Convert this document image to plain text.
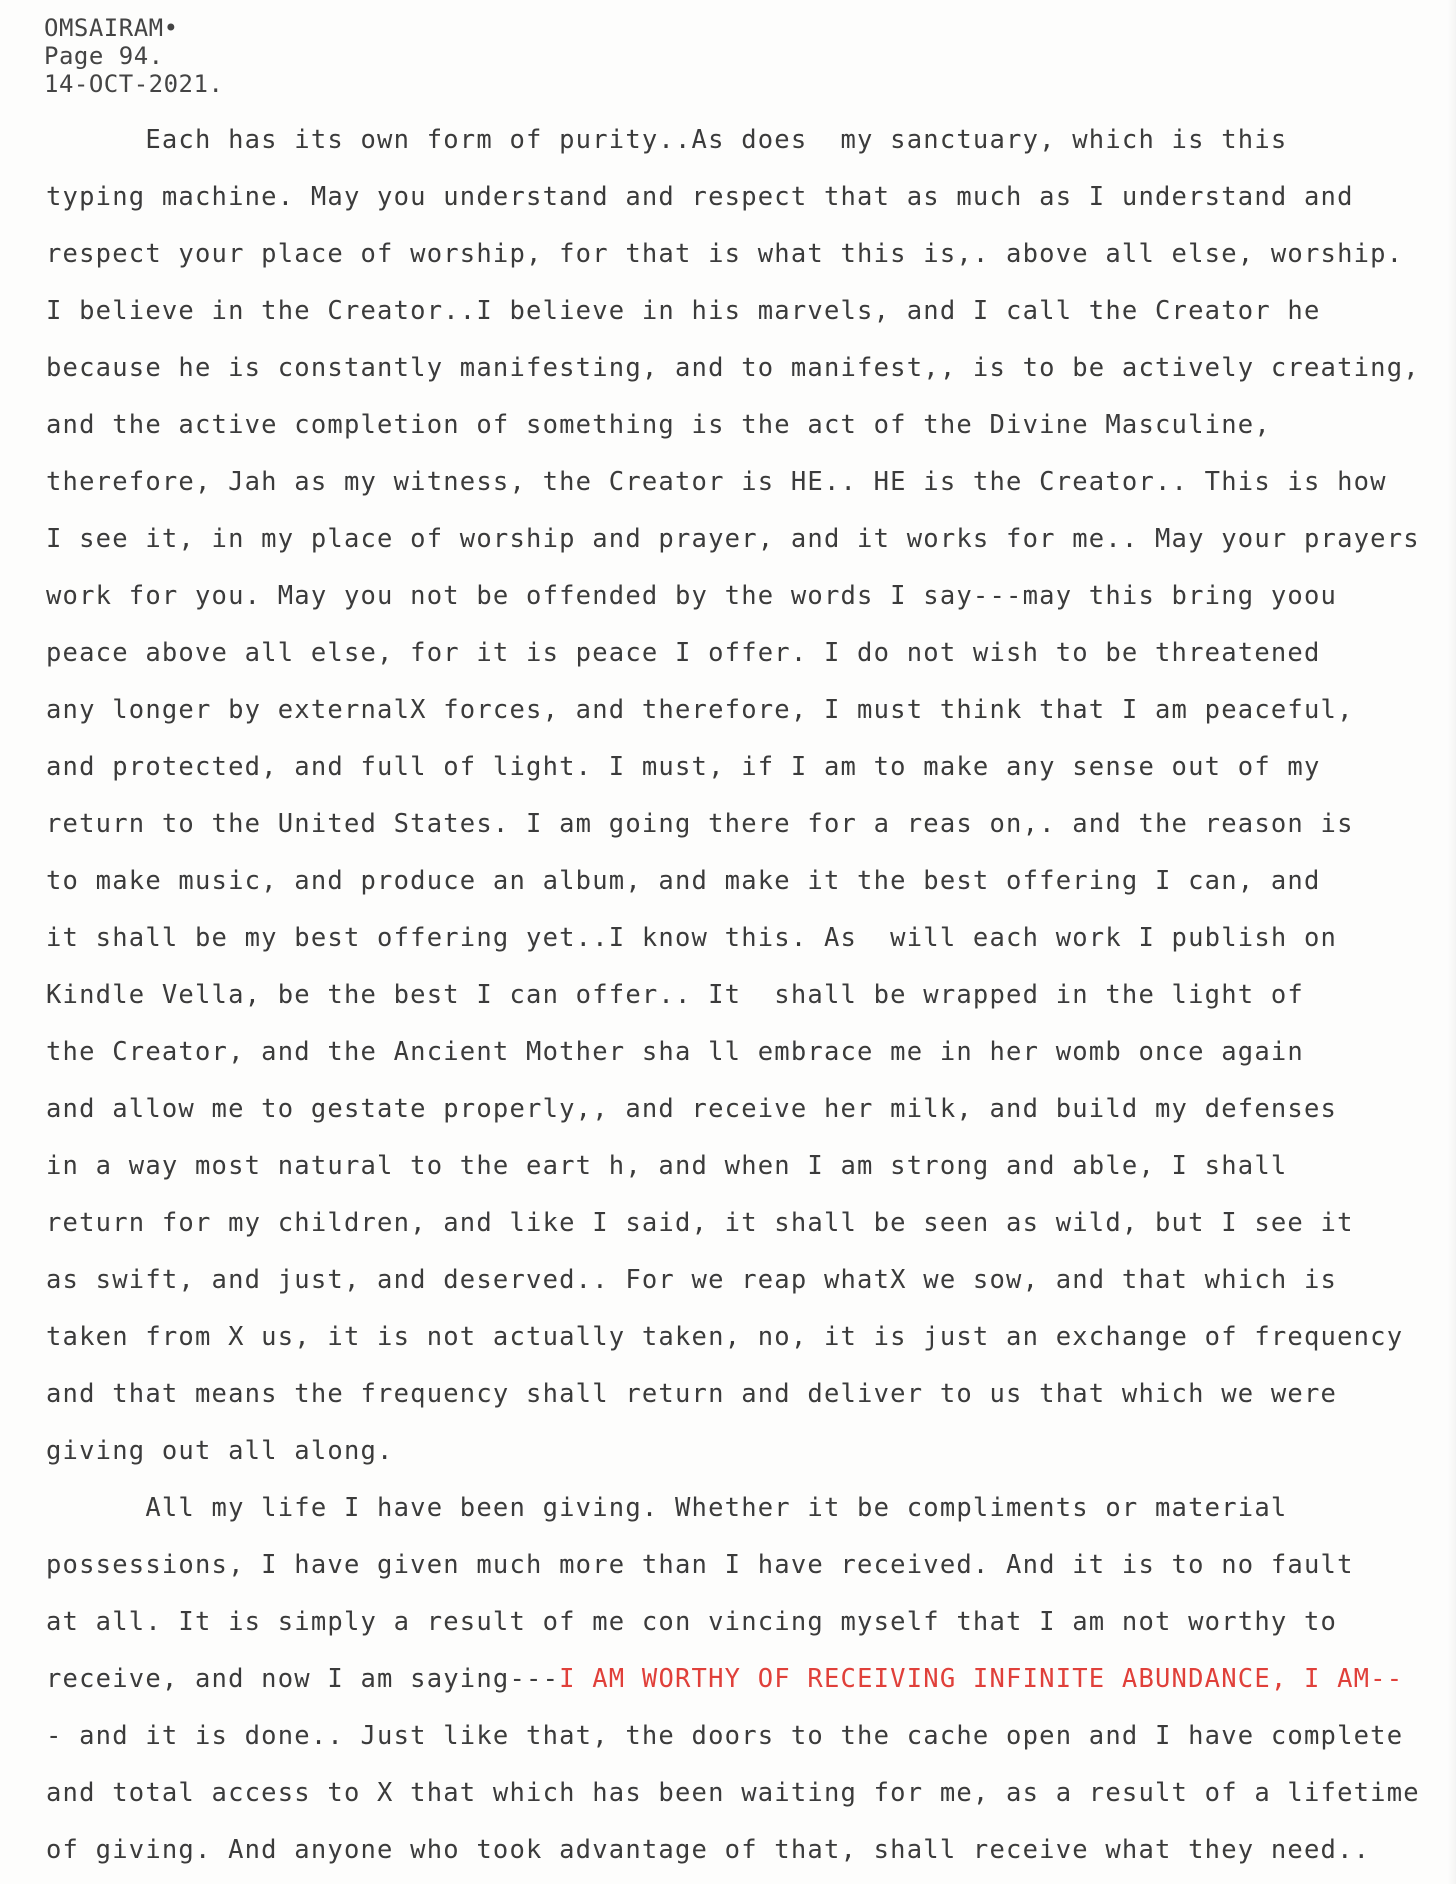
OMSAIRAM•
Page 94.
14-OCT-2021.
Each has its own form of purity..As does  my sanctuary, which is this
typing machine. May you understand and respect that as much as I understand and
respect your place of worship, for that is what this is,. above all else, worship.
I believe in the Creator..I believe in his marvels, and I call the Creator he
because he is constantly manifesting, and to manifest,, is to be actively creating,
and the active completion of something is the act of the Divine Masculine,
therefore, Jah as my witness, the Creator is HE.. HE is the Creator.. This is how
I see it, in my place of worship and prayer, and it works for me.. May your prayers
work for you. May you not be offended by the words I say---may this bring yoou
peace above all else, for it is peace I offer. I do not wish to be threatened
any longer by externalX forces, and therefore, I must think that I am peaceful,
and protected, and full of light. I must, if I am to make any sense out of my
return to the United States. I am going there for a reas on,. and the reason is
to make music, and produce an album, and make it the best offering I can, and
it shall be my best offering yet..I know this. As  will each work I publish on
Kindle Vella, be the best I can offer.. It  shall be wrapped in the light of
the Creator, and the Ancient Mother sha ll embrace me in her womb once again
and allow me to gestate properly,, and receive her milk, and build my defenses
in a way most natural to the eart h, and when I am strong and able, I shall
return for my children, and like I said, it shall be seen as wild, but I see it
as swift, and just, and deserved.. For we reap whatX we sow, and that which is
taken from X us, it is not actually taken, no, it is just an exchange of frequency
and that means the frequency shall return and deliver to us that which we were
giving out all along.
All my life I have been giving. Whether it be compliments or material
possessions, I have given much more than I have received. And it is to no fault
at all. It is simply a result of me con vincing myself that I am not worthy to
receive, and now I am saying---I AM WORTHY OF RECEIVING INFINITE ABUNDANCE, I AM--
- and it is done.. Just like that, the doors to the cache open and I have complete
and total access to X that which has been waiting for me, as a result of a lifetime
of giving. And anyone who took advantage of that, shall receive what they need..
